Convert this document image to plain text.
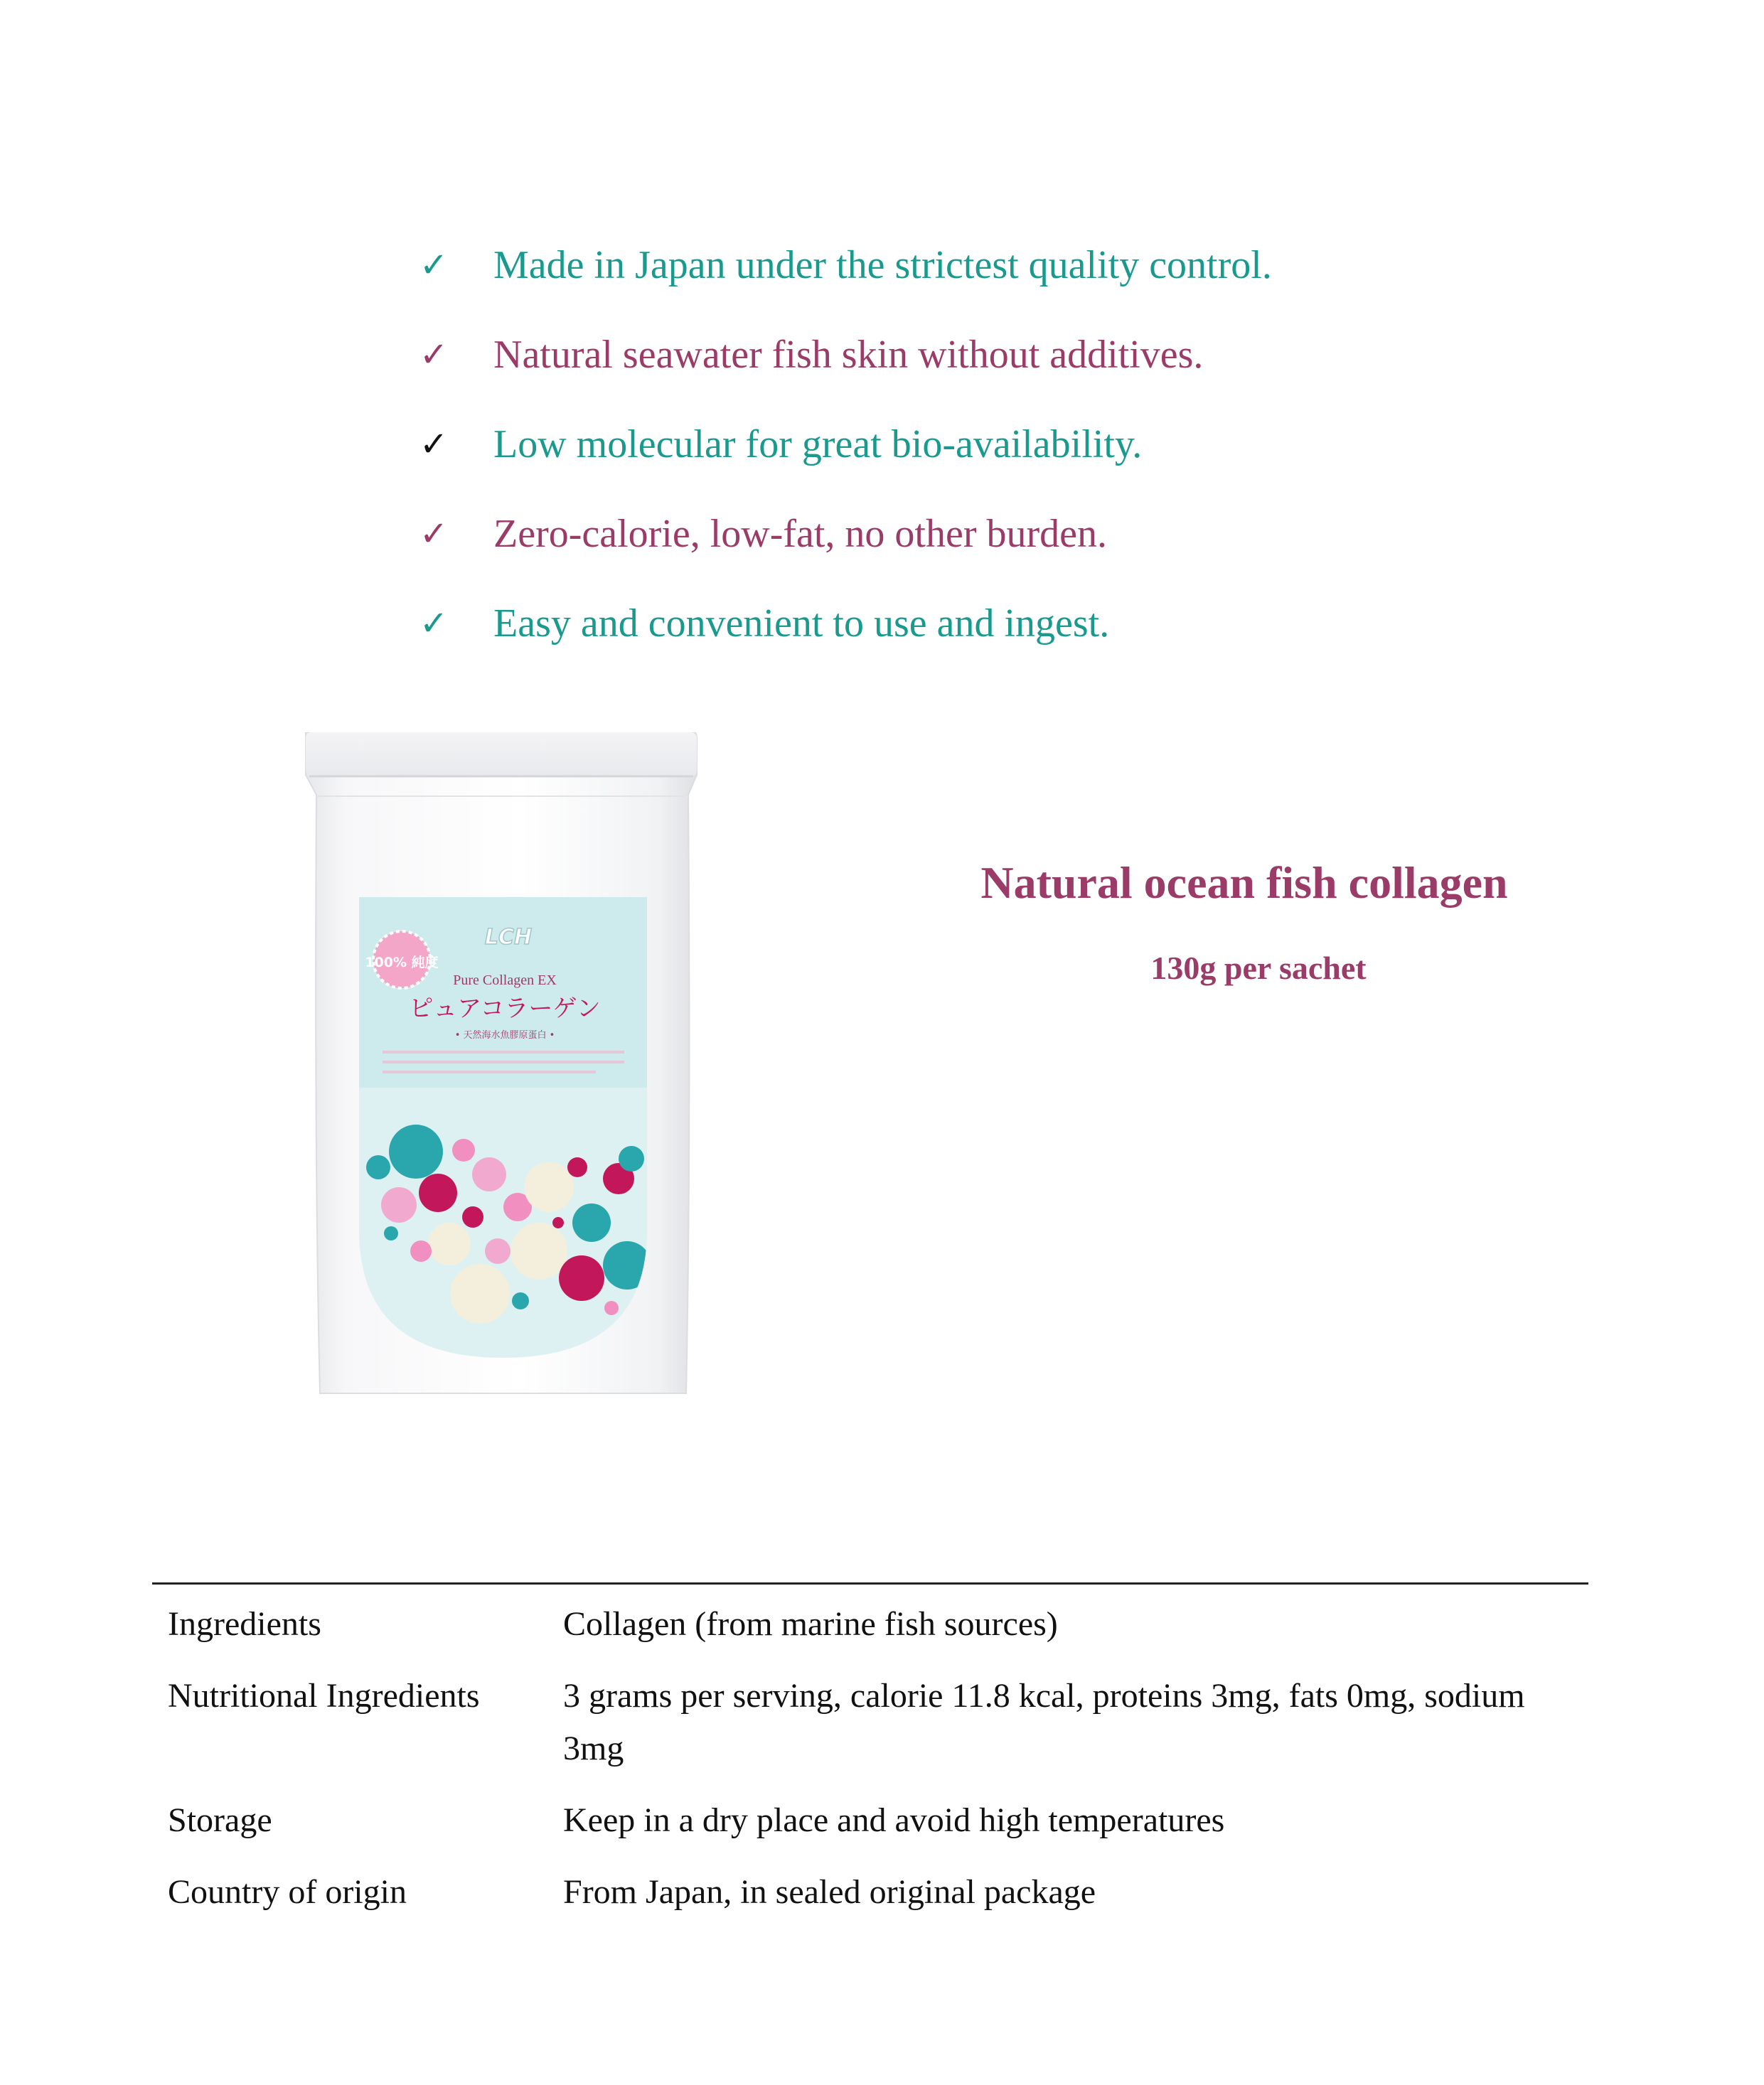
✓	Made in Japan under the strictest quality control.
✓	Natural seawater fish skin without additives.
✓	Low molecular for great bio-availability.
✓	Zero-calorie, low-fat, no other burden.
✓	Easy and convenient to use and ingest.
100% 純度
LCH
Pure Collagen EX
ピュアコラーゲン
• 天然海水魚膠原蛋白 •
Natural ocean fish collagen
130g per sachet
Ingredients	Collagen (from marine fish sources)
Nutritional Ingredients	3 grams per serving, calorie 11.8 kcal, proteins 3mg, fats 0mg, sodium 3mg
Storage	Keep in a dry place and avoid high temperatures
Country of origin	From Japan, in sealed original package
